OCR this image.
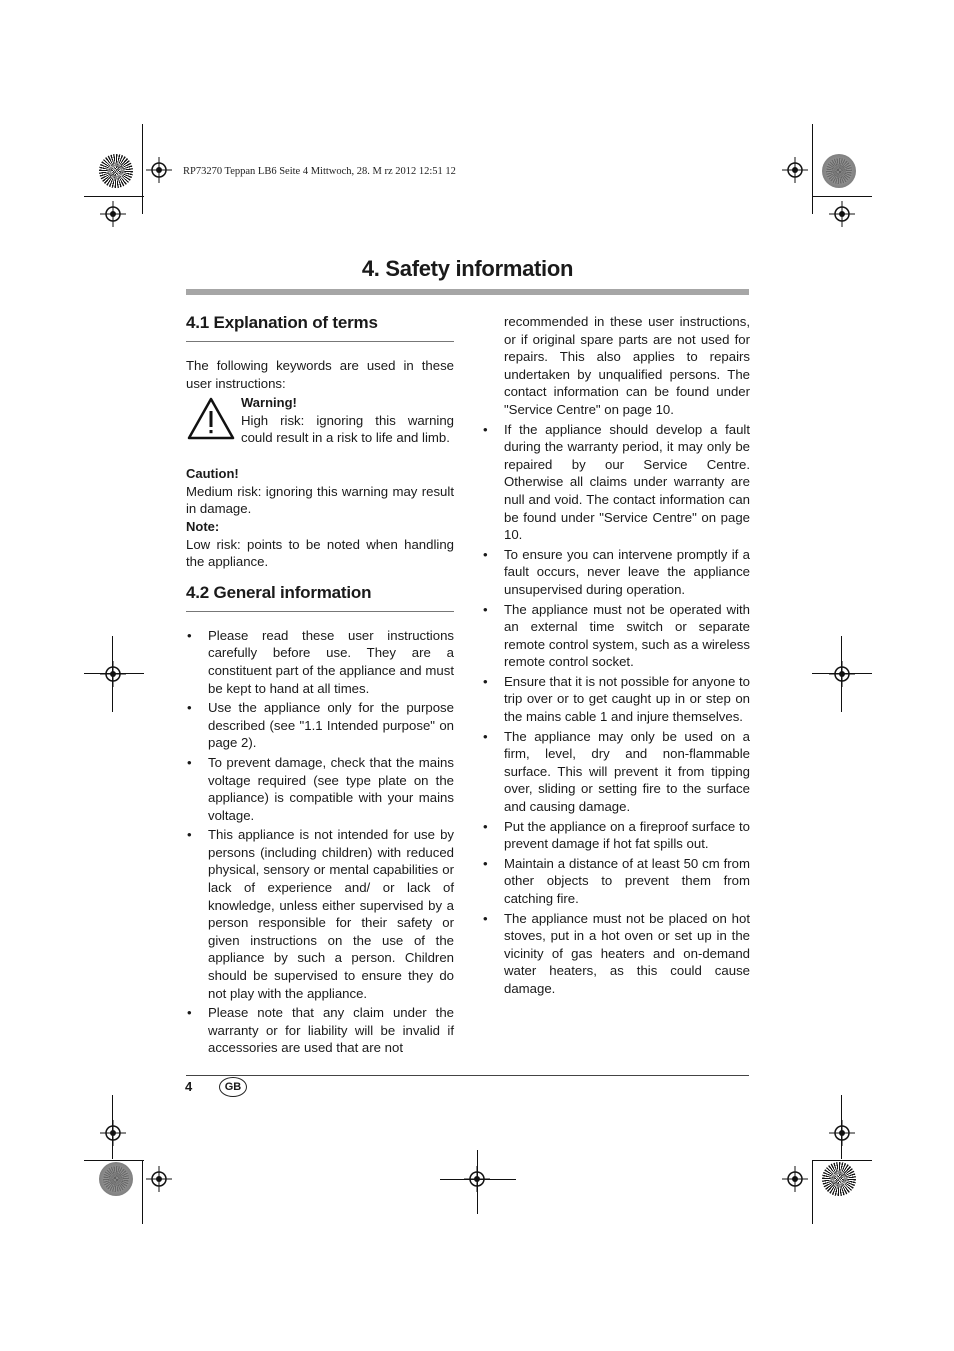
RP73270 Teppan LB6 Seite 4 Mittwoch, 28. M rz 2012 12:51 12
4. Safety information
4.1 Explanation of terms

The following keywords are used in these user instructions:

Warning!

High risk: ignoring this warning could result in a risk to life and limb.

Caution!

Medium risk: ignoring this warning may result in damage.

Note:

Low risk: points to be noted when handling the appliance.

4.2 General information
• Please read these user instructions carefully before use. They are a constituent part of the appliance and must be kept to hand at all times.
• Use the appliance only for the purpose described (see "1.1 Intended purpose" on page 2).
• To prevent damage, check that the mains voltage required (see type plate on the appliance) is compatible with your mains voltage.
• This appliance is not intended for use by persons (including children) with reduced physical, sensory or mental capabilities or lack of experience and/ or lack of knowledge, unless either supervised by a person responsible for their safety or given instructions on the use of the appliance by such a person. Children should be supervised to ensure they do not play with the appliance.
• Please note that any claim under the warranty or for liability will be invalid if accessories are used that are not
recommended in these user instructions, or if original spare parts are not used for repairs. This also applies to repairs undertaken by unqualified persons. The contact information can be found under "Service Centre" on page 10.
• If the appliance should develop a fault during the warranty period, it may only be repaired by our Service Centre. Otherwise all claims under warranty are null and void. The contact information can be found under "Service Centre" on page 10.
• To ensure you can intervene promptly if a fault occurs, never leave the appliance unsupervised during operation.
• The appliance must not be operated with an external time switch or separate remote control system, such as a wireless remote control socket.
• Ensure that it is not possible for anyone to trip over or to get caught up in or step on the mains cable 1 and injure themselves.
• The appliance may only be used on a firm, level, dry and non-flammable surface. This will prevent it from tipping over, sliding or setting fire to the surface and causing damage.
• Put the appliance on a fireproof surface to prevent damage if hot fat spills out.
• Maintain a distance of at least 50 cm from other objects to prevent them from catching fire.
• The appliance must not be placed on hot stoves, put in a hot oven or set up in the vicinity of gas heaters and on-demand water heaters, as this could cause damage.
4	GB
